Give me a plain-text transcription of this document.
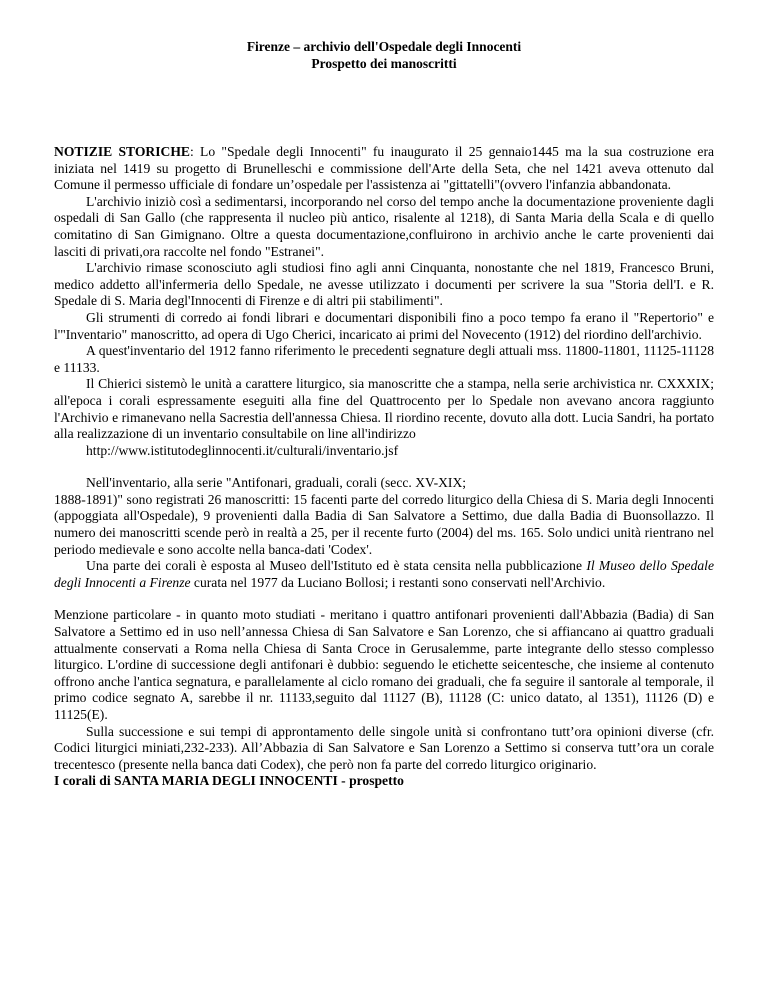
Firenze – archivio dell'Ospedale degli Innocenti

Prospetto dei manoscritti

NOTIZIE STORICHE: Lo "Spedale degli Innocenti" fu inaugurato il 25 gennaio1445 ma la sua costruzione era iniziata nel 1419 su progetto di Brunelleschi e commissione dell'Arte della Seta, che nel 1421 aveva ottenuto dal Comune il permesso ufficiale di fondare un’ospedale per l'assistenza ai "gittatelli"(ovvero l'infanzia abbandonata.

L'archivio iniziò così a sedimentarsi, incorporando nel corso del tempo anche la documentazione proveniente dagli ospedali di San Gallo (che rappresenta il nucleo più antico, risalente al 1218), di Santa Maria della Scala e di quello comitatino di San Gimignano. Oltre a questa documentazione,confluirono in archivio anche le carte provenienti dai lasciti di privati,ora raccolte nel fondo "Estranei".

L'archivio rimase sconosciuto agli studiosi fino agli anni Cinquanta, nonostante che nel 1819, Francesco Bruni, medico addetto all'infermeria dello Spedale, ne avesse utilizzato i documenti per scrivere la sua "Storia dell'I. e R. Spedale di S. Maria degl'Innocenti di Firenze e di altri pii stabilimenti".

Gli strumenti di corredo ai fondi librari e documentari disponibili fino a poco tempo fa erano il "Repertorio" e l'"Inventario" manoscritto, ad opera di Ugo Cherici, incaricato ai primi del Novecento (1912) del riordino dell'archivio.

A quest'inventario del 1912 fanno riferimento le precedenti segnature degli attuali mss. 11800-11801, 11125-11128 e 11133.

Il Chierici sistemò le unità a carattere liturgico, sia manoscritte che a stampa, nella serie archivistica nr. CXXXIX; all'epoca i corali espressamente eseguiti alla fine del Quattrocento per lo Spedale non avevano ancora raggiunto l'Archivio e rimanevano nella Sacrestia dell'annessa Chiesa. Il riordino recente, dovuto alla dott. Lucia Sandri, ha portato alla realizzazione di un inventario consultabile on line all'indirizzo
http://www.istitutodeglinnocenti.it/culturali/inventario.jsf

Nell'inventario, alla serie "Antifonari, graduali, corali (secc. XV-XIX;
1888-1891)" sono registrati 26 manoscritti: 15 facenti parte del corredo liturgico della Chiesa di S. Maria degli Innocenti (appoggiata all'Ospedale), 9 provenienti dalla Badia di San Salvatore a Settimo, due dalla Badia di Buonsollazzo. Il numero dei manoscritti scende però in realtà a 25, per il recente furto (2004) del ms. 165. Solo undici unità rientrano nel periodo medievale e sono accolte nella banca-dati 'Codex'.

Una parte dei corali è esposta al Museo dell'Istituto ed è stata censita nella pubblicazione Il Museo dello Spedale degli Innocenti a Firenze curata nel 1977 da Luciano Bollosi; i restanti sono conservati nell'Archivio.

Menzione particolare - in quanto moto studiati - meritano i quattro antifonari provenienti dall'Abbazia (Badia) di San Salvatore a Settimo ed in uso nell’annessa Chiesa di San Salvatore e San Lorenzo, che si affiancano ai quattro graduali attualmente conservati a Roma nella Chiesa di Santa Croce in Gerusalemme, parte integrante dello stesso complesso liturgico. L'ordine di successione degli antifonari è dubbio: seguendo le etichette seicentesche, che insieme al contenuto offrono anche l'antica segnatura, e parallelamente al ciclo romano dei graduali, che fa seguire il santorale al temporale, il primo codice segnato A, sarebbe il nr. 11133,seguito dal 11127 (B), 11128 (C: unico datato, al 1351), 11126 (D) e 11125(E).

Sulla successione e sui tempi di approntamento delle singole unità si confrontano tutt’ora opinioni diverse (cfr. Codici liturgici miniati,232-233). All’Abbazia di San Salvatore e San Lorenzo a Settimo si conserva tutt’ora un corale trecentesco (presente nella banca dati Codex), che però non fa parte del corredo liturgico originario.

I corali di SANTA MARIA DEGLI INNOCENTI - prospetto
